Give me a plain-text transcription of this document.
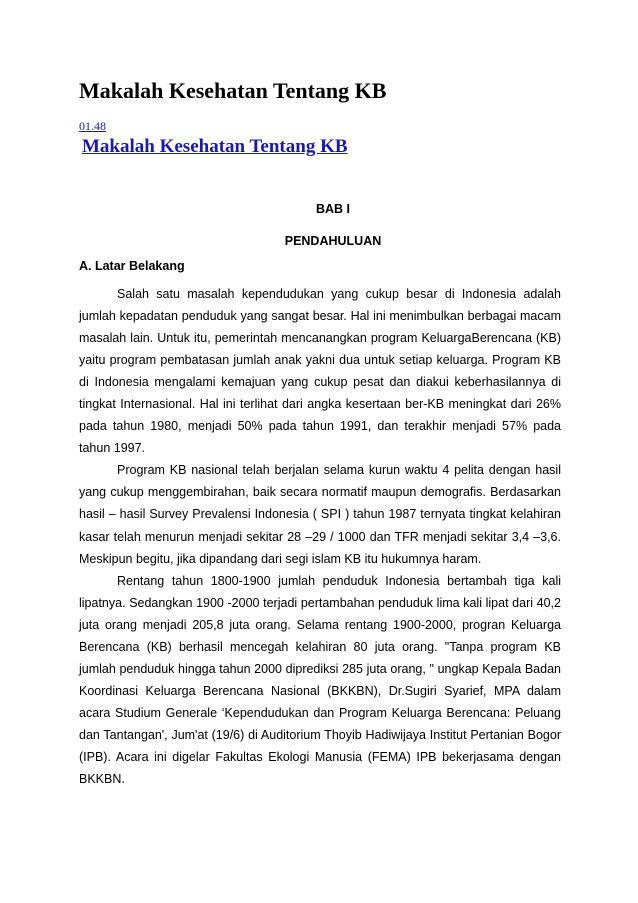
Makalah Kesehatan Tentang KB
01.48
Makalah Kesehatan Tentang KB
BAB I
PENDAHULUAN
A. Latar Belakang

Salah satu masalah kependudukan yang cukup besar di Indonesia adalah jumlah kepadatan penduduk yang sangat besar. Hal ini menimbulkan berbagai macam masalah lain. Untuk itu, pemerintah mencanangkan program KeluargaBerencana (KB) yaitu program pembatasan jumlah anak yakni dua untuk setiap keluarga. Program KB di Indonesia mengalami kemajuan yang cukup pesat dan diakui keberhasilannya di tingkat Internasional. Hal ini terlihat dari angka kesertaan ber-KB meningkat dari 26% pada tahun 1980, menjadi 50% pada tahun 1991, dan terakhir menjadi 57% pada tahun 1997.

Program KB nasional telah berjalan selama kurun waktu 4 pelita dengan hasil yang cukup menggembirahan, baik secara normatif maupun demografis. Berdasarkan hasil – hasil Survey Prevalensi Indonesia ( SPI ) tahun 1987 ternyata tingkat kelahiran kasar telah menurun menjadi sekitar 28 –29 / 1000 dan TFR menjadi sekitar 3,4 –3,6. Meskipun begitu, jika dipandang dari segi islam KB itu hukumnya haram.

Rentang tahun 1800-1900 jumlah penduduk Indonesia bertambah tiga kali lipatnya. Sedangkan 1900 -2000 terjadi pertambahan penduduk lima kali lipat dari 40,2 juta orang menjadi 205,8 juta orang. Selama rentang 1900-2000, progran Keluarga Berencana (KB) berhasil mencegah kelahiran 80 juta orang. "Tanpa program KB jumlah penduduk hingga tahun 2000 diprediksi 285 juta orang, " ungkap Kepala Badan Koordinasi Keluarga Berencana Nasional (BKKBN), Dr.Sugiri Syarief, MPA dalam acara Studium Generale ‘Kependudukan dan Program Keluarga Berencana: Peluang dan Tantangan', Jum'at (19/6) di Auditorium Thoyib Hadiwijaya Institut Pertanian Bogor (IPB). Acara ini digelar Fakultas Ekologi Manusia (FEMA) IPB bekerjasama dengan BKKBN.
